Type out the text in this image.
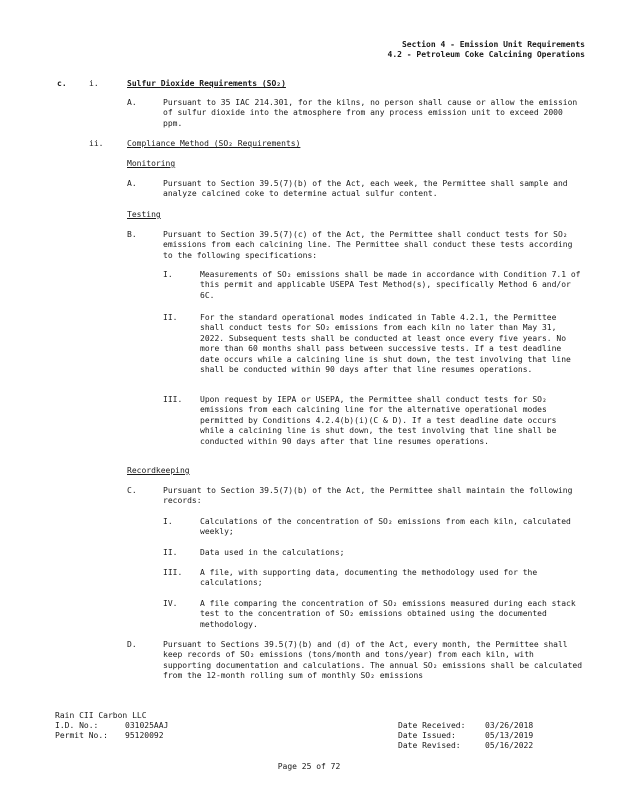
Section 4 - Emission Unit Requirements
4.2 - Petroleum Coke Calcining Operations
c.	i.	Sulfur Dioxide Requirements (SO₂)
A.	Pursuant to 35 IAC 214.301, for the kilns, no person shall cause or allow the emission of sulfur dioxide into the atmosphere from any process emission unit to exceed 2000 ppm.
ii.	Compliance Method (SO₂ Requirements)
Monitoring
A.	Pursuant to Section 39.5(7)(b) of the Act, each week, the Permittee shall sample and analyze calcined coke to determine actual sulfur content.
Testing
B.	Pursuant to Section 39.5(7)(c) of the Act, the Permittee shall conduct tests for SO₂ emissions from each calcining line. The Permittee shall conduct these tests according to the following specifications:
I.	Measurements of SO₂ emissions shall be made in accordance with Condition 7.1 of this permit and applicable USEPA Test Method(s), specifically Method 6 and/or 6C.
II.	For the standard operational modes indicated in Table 4.2.1, the Permittee shall conduct tests for SO₂ emissions from each kiln no later than May 31, 2022. Subsequent tests shall be conducted at least once every five years. No more than 60 months shall pass between successive tests. If a test deadline date occurs while a calcining line is shut down, the test involving that line shall be conducted within 90 days after that line resumes operations.
III. Upon request by IEPA or USEPA, the Permittee shall conduct tests for SO₂ emissions from each calcining line for the alternative operational modes permitted by Conditions 4.2.4(b)(i)(C & D). If a test deadline date occurs while a calcining line is shut down, the test involving that line shall be conducted within 90 days after that line resumes operations.
Recordkeeping
C.	Pursuant to Section 39.5(7)(b) of the Act, the Permittee shall maintain the following records:
I.	Calculations of the concentration of SO₂ emissions from each kiln, calculated weekly;
II.	Data used in the calculations;
III. A file, with supporting data, documenting the methodology used for the calculations;
IV.	A file comparing the concentration of SO₂ emissions measured during each stack test to the concentration of SO₂ emissions obtained using the documented methodology.
D.	Pursuant to Sections 39.5(7)(b) and (d) of the Act, every month, the Permittee shall keep records of SO₂ emissions (tons/month and tons/year) from each kiln, with supporting documentation and calculations. The annual SO₂ emissions shall be calculated from the 12-month rolling sum of monthly SO₂ emissions
Rain CII Carbon LLC
I.D. No.:	031025AAJ
Permit No.: 95120092
Date Received: 03/26/2018
Date Issued:	05/13/2019
Date Revised:	05/16/2022
Page 25 of 72
